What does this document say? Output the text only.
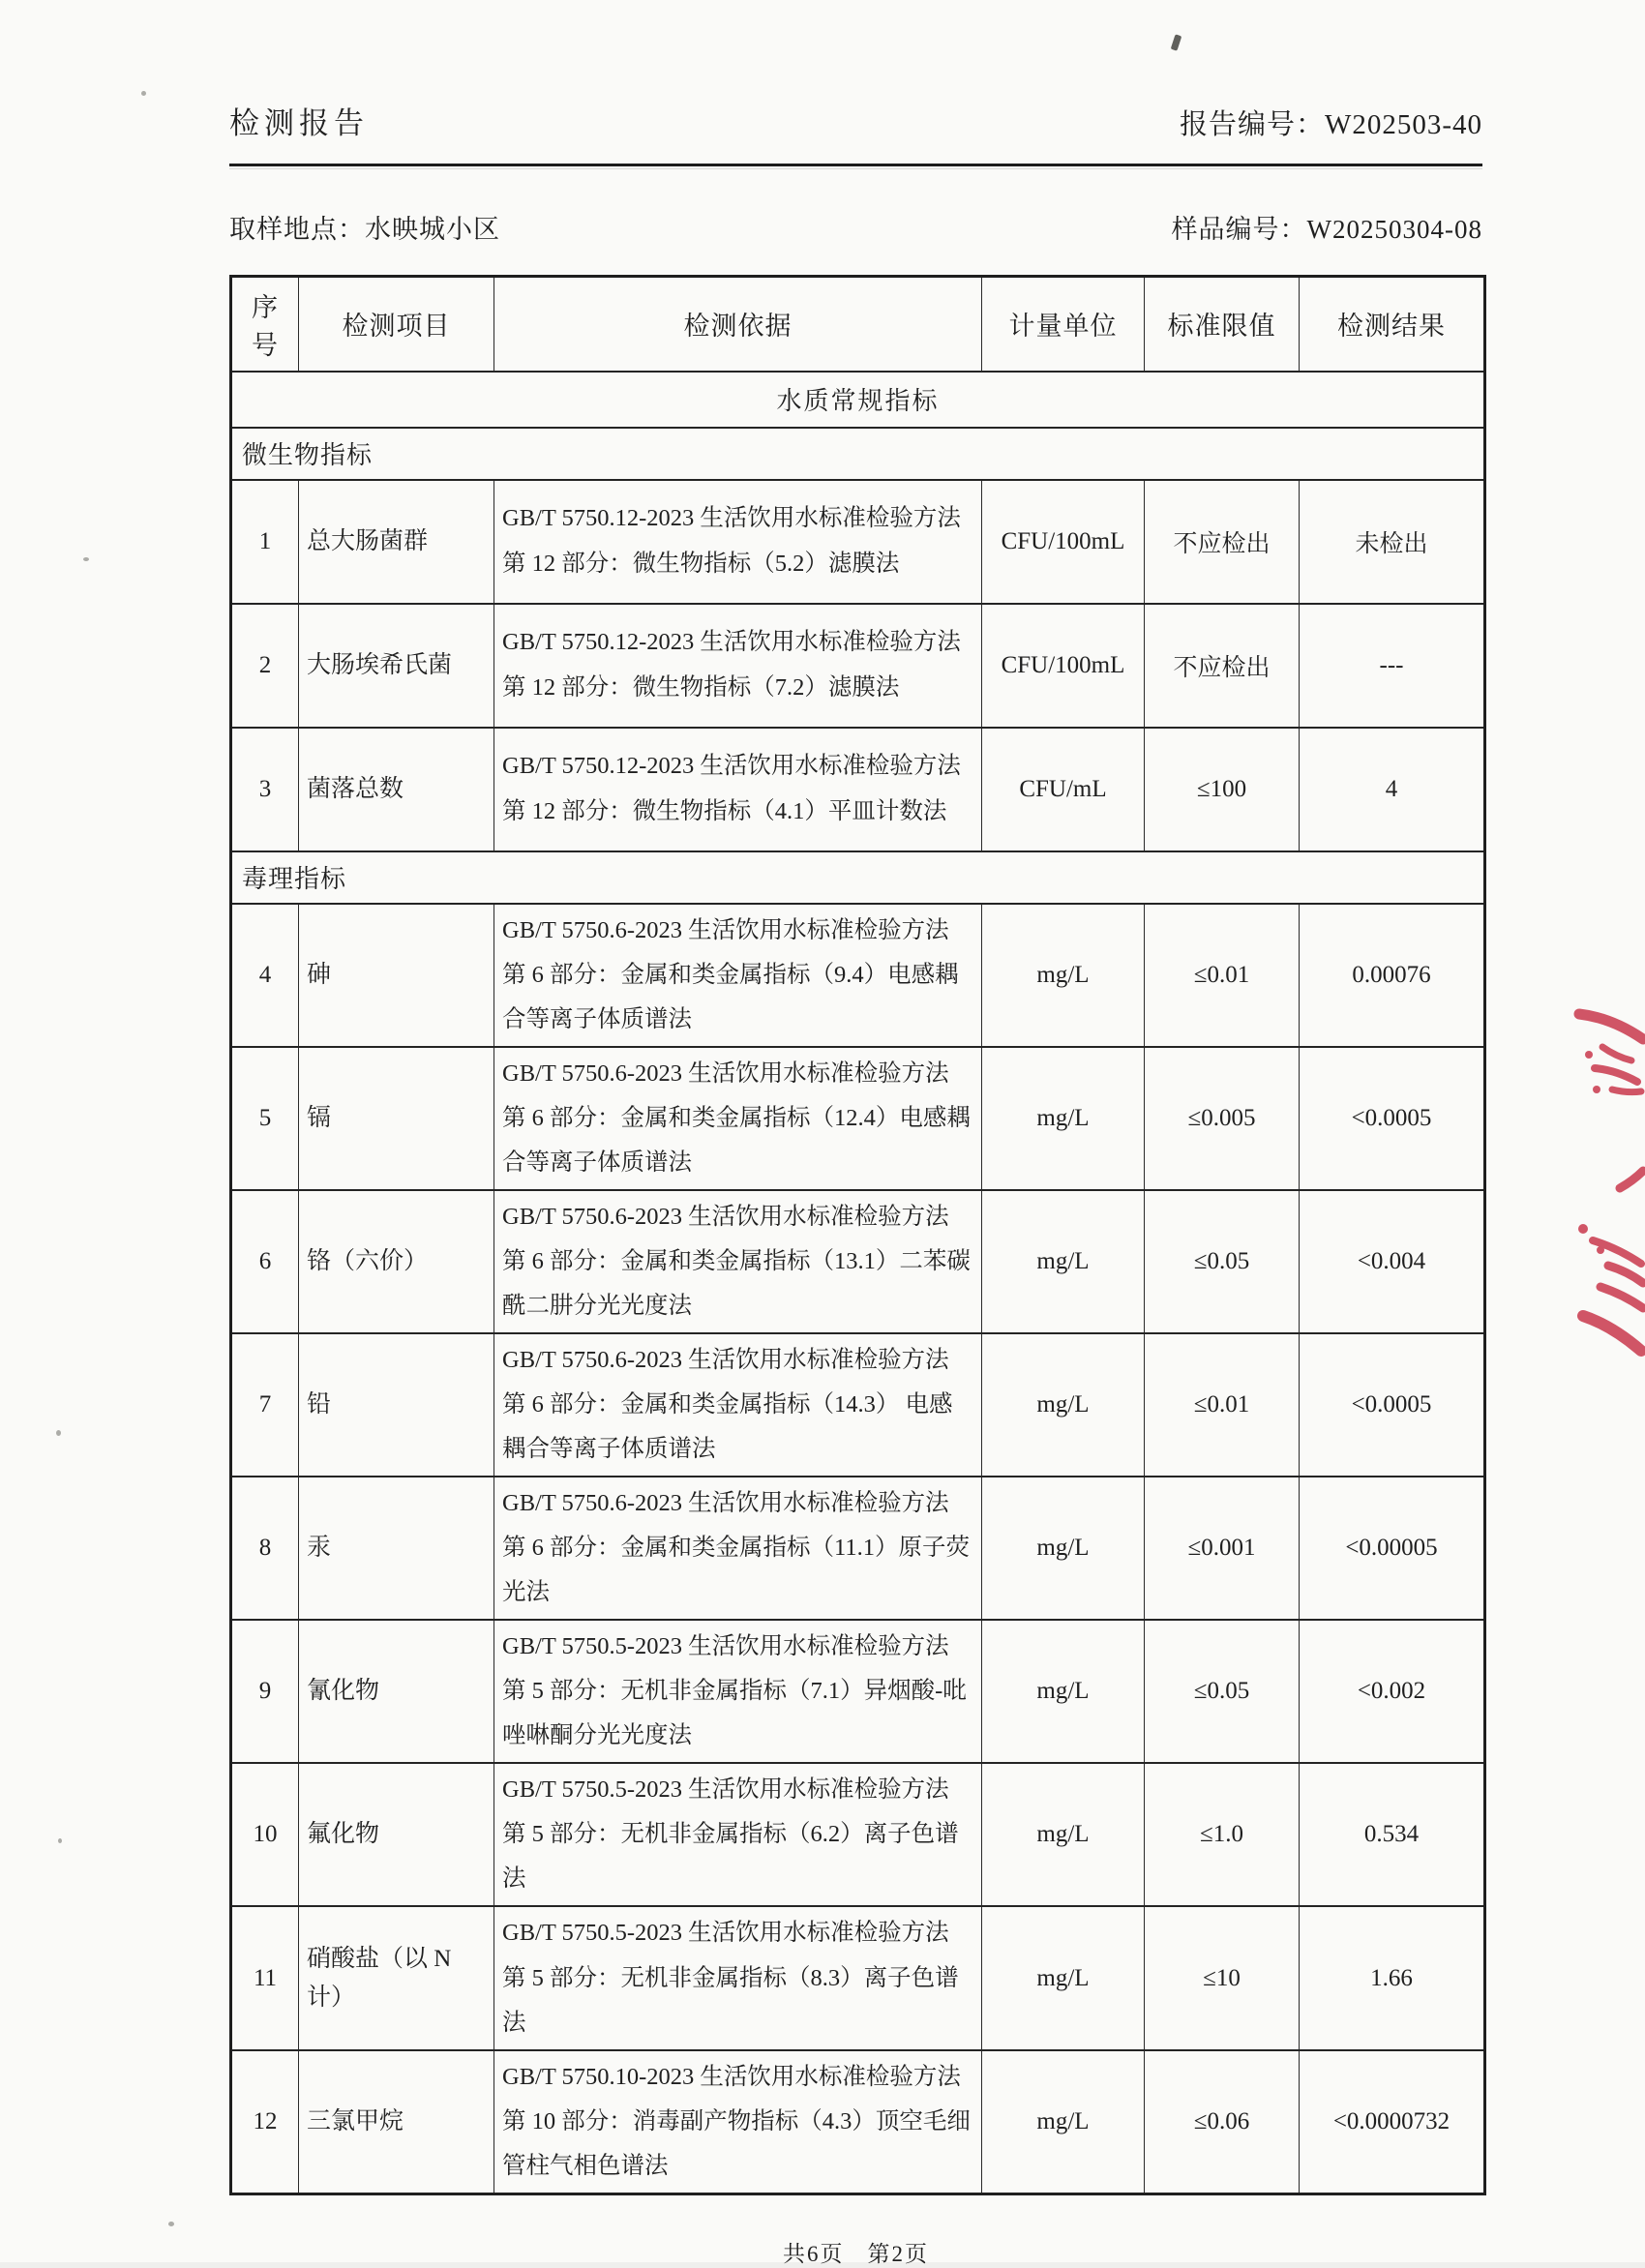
检测报告	报告编号：W202503-40
取样地点：水映城小区	样品编号：W20250304-08
序号	检测项目	检测依据	计量单位	标准限值	检测结果
水质常规指标					
微生物指标					
1	总大肠菌群	GB/T 5750.12-2023 生活饮用水标准检验方法 第 12 部分：微生物指标（5.2）滤膜法	CFU/100mL	不应检出	未检出
2	大肠埃希氏菌	GB/T 5750.12-2023 生活饮用水标准检验方法 第 12 部分：微生物指标（7.2）滤膜法	CFU/100mL	不应检出	---
3	菌落总数	GB/T 5750.12-2023 生活饮用水标准检验方法 第 12 部分：微生物指标（4.1）平皿计数法	CFU/mL	≤100	4
毒理指标					
4	砷	GB/T 5750.6-2023 生活饮用水标准检验方法 第 6 部分：金属和类金属指标（9.4）电感耦合等离子体质谱法	mg/L	≤0.01	0.00076
5	镉	GB/T 5750.6-2023 生活饮用水标准检验方法 第 6 部分：金属和类金属指标（12.4）电感耦合等离子体质谱法	mg/L	≤0.005	<0.0005
6	铬（六价）	GB/T 5750.6-2023 生活饮用水标准检验方法 第 6 部分：金属和类金属指标（13.1）二苯碳酰二肼分光光度法	mg/L	≤0.05	<0.004
7	铅	GB/T 5750.6-2023 生活饮用水标准检验方法 第 6 部分：金属和类金属指标（14.3） 电感耦合等离子体质谱法	mg/L	≤0.01	<0.0005
8	汞	GB/T 5750.6-2023 生活饮用水标准检验方法 第 6 部分：金属和类金属指标（11.1）原子荧光法	mg/L	≤0.001	<0.00005
9	氰化物	GB/T 5750.5-2023 生活饮用水标准检验方法 第 5 部分：无机非金属指标（7.1）异烟酸-吡唑啉酮分光光度法	mg/L	≤0.05	<0.002
10	氟化物	GB/T 5750.5-2023 生活饮用水标准检验方法 第 5 部分：无机非金属指标（6.2）离子色谱法	mg/L	≤1.0	0.534
11	硝酸盐（以 N 计）	GB/T 5750.5-2023 生活饮用水标准检验方法 第 5 部分：无机非金属指标（8.3）离子色谱法	mg/L	≤10	1.66
12	三氯甲烷	GB/T 5750.10-2023 生活饮用水标准检验方法 第 10 部分：消毒副产物指标（4.3）顶空毛细管柱气相色谱法	mg/L	≤0.06	<0.0000732
共6页 第2页
